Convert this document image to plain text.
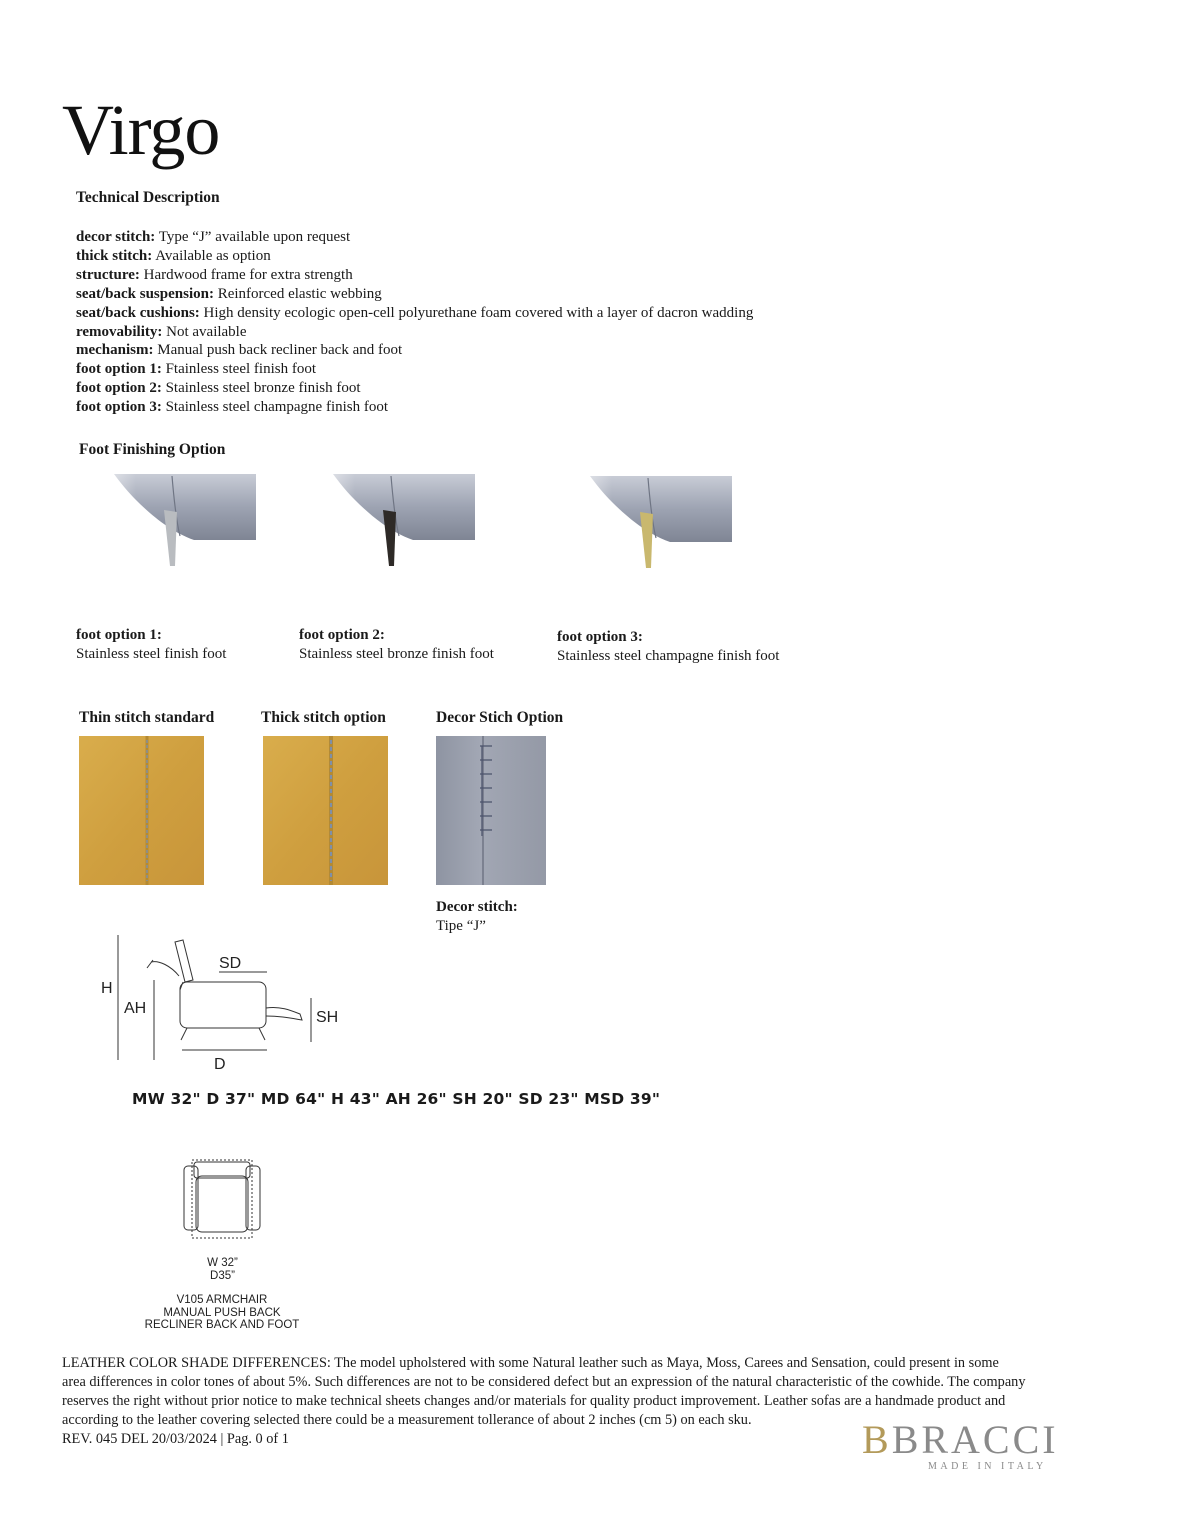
Virgo
Technical Description
decor stitch: Type “J” available upon request
thick stitch: Available as option
structure: Hardwood frame for extra strength
seat/back suspension: Reinforced elastic webbing
seat/back cushions: High density ecologic open-cell polyurethane foam covered with a layer of dacron wadding
removability: Not available
mechanism: Manual push back recliner back and foot
foot option 1: Ftainless steel finish foot
foot option 2: Stainless steel bronze finish foot
foot option 3: Stainless steel champagne finish foot
Foot Finishing Option
foot option 1:
Stainless steel finish foot
foot option 2:
Stainless steel bronze finish foot
foot option 3:
Stainless steel champagne finish foot
Thin stitch standard	Thick stitch option	Decor Stich Option
Decor stitch:
Tipe “J”
H
AH
SD
SH
D
MW 32" D 37" MD 64" H 43" AH 26" SH 20" SD 23" MSD 39"
W 32”
D35”
V105 ARMCHAIR
MANUAL PUSH BACK
RECLINER BACK AND FOOT
LEATHER COLOR SHADE DIFFERENCES: The model upholstered with some Natural leather such as Maya, Moss, Carees and Sensation, could present in some
area differences in color tones of about 5%. Such differences are not to be considered defect but an expression of the natural characteristic of the cowhide. The company
reserves the right without prior notice to make technical sheets changes and/or materials for quality product improvement. Leather sofas are a handmade product and
according to the leather covering selected there could be a measurement tollerance of about 2 inches (cm 5) on each sku.
REV. 045 DEL 20/03/2024 | Pag. 0 of 1	BBRACCI
MADE IN ITALY
